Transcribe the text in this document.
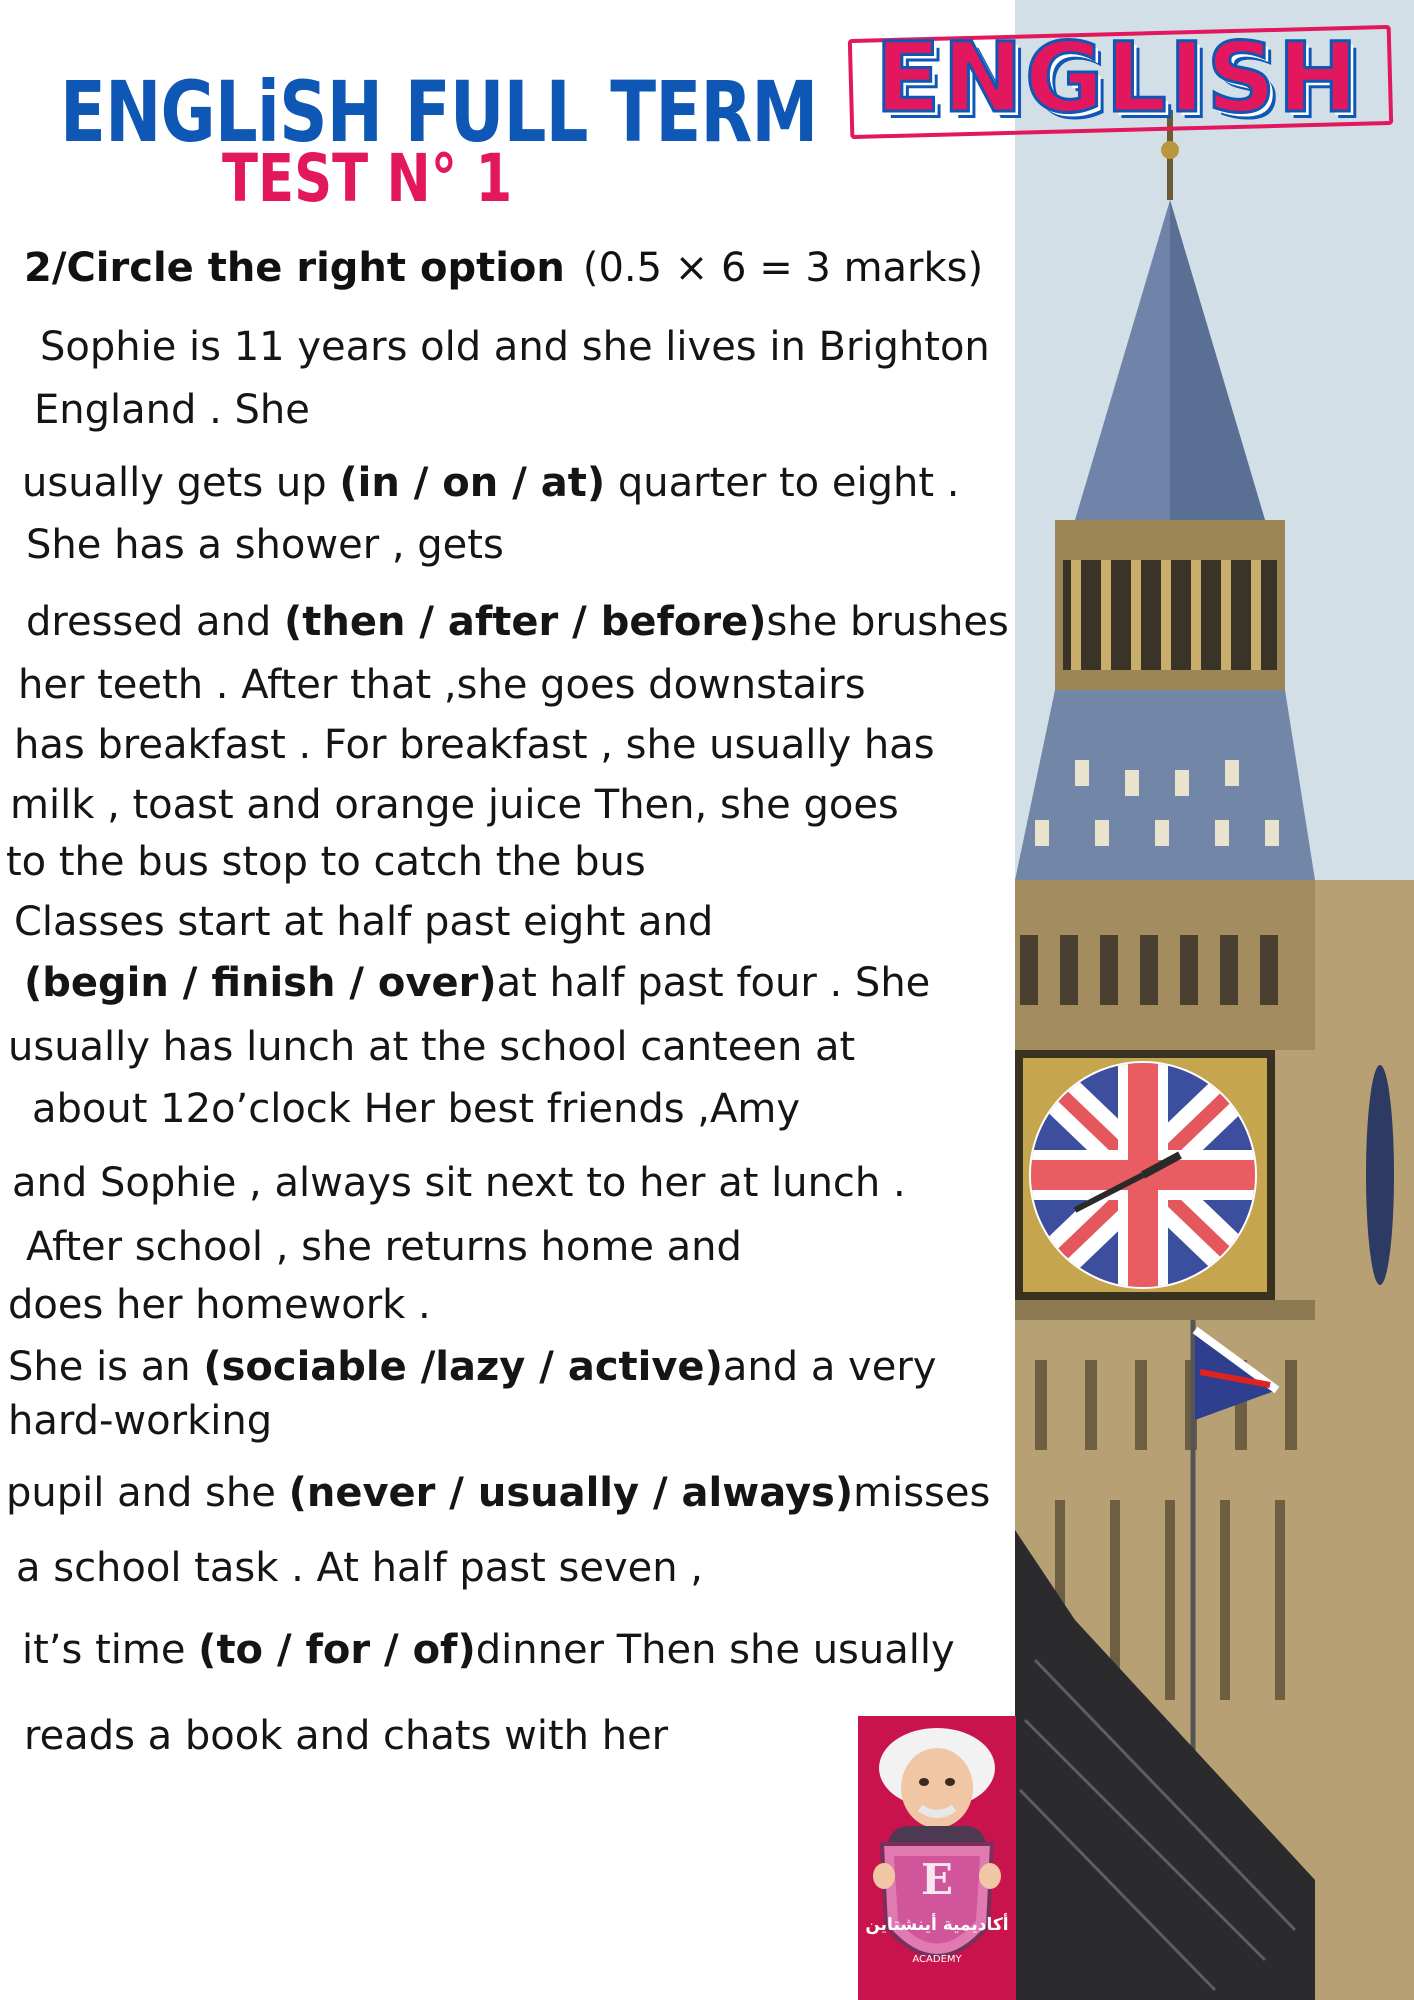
ENGLiSH FULL TERM
TEST N° 1
ENGLISH
2/Circle the right option (0.5 × 6 = 3 marks)
Sophie is 11 years old and she lives in Brighton
England . She
usually gets up (in / on / at) quarter to eight .
She has a shower , gets
dressed and (then / after / before)she brushes
her teeth . After that ,she goes downstairs
has breakfast . For breakfast , she usually has
milk , toast and orange juice Then, she goes
to the bus stop to catch the bus
Classes start at half past eight and
(begin / finish / over)at half past four . She
usually has lunch at the school canteen at
about 12o’clock Her best friends ,Amy
and Sophie , always sit next to her at lunch .
After school , she returns home and
does her homework .
She is an (sociable /lazy / active)and a very
hard-working
pupil and she (never / usually / always)misses
a school task . At half past seven ,
it’s time (to / for / of)dinner Then she usually
reads a book and chats with her
E
أكاديمية أينشتاين
ACADEMY
